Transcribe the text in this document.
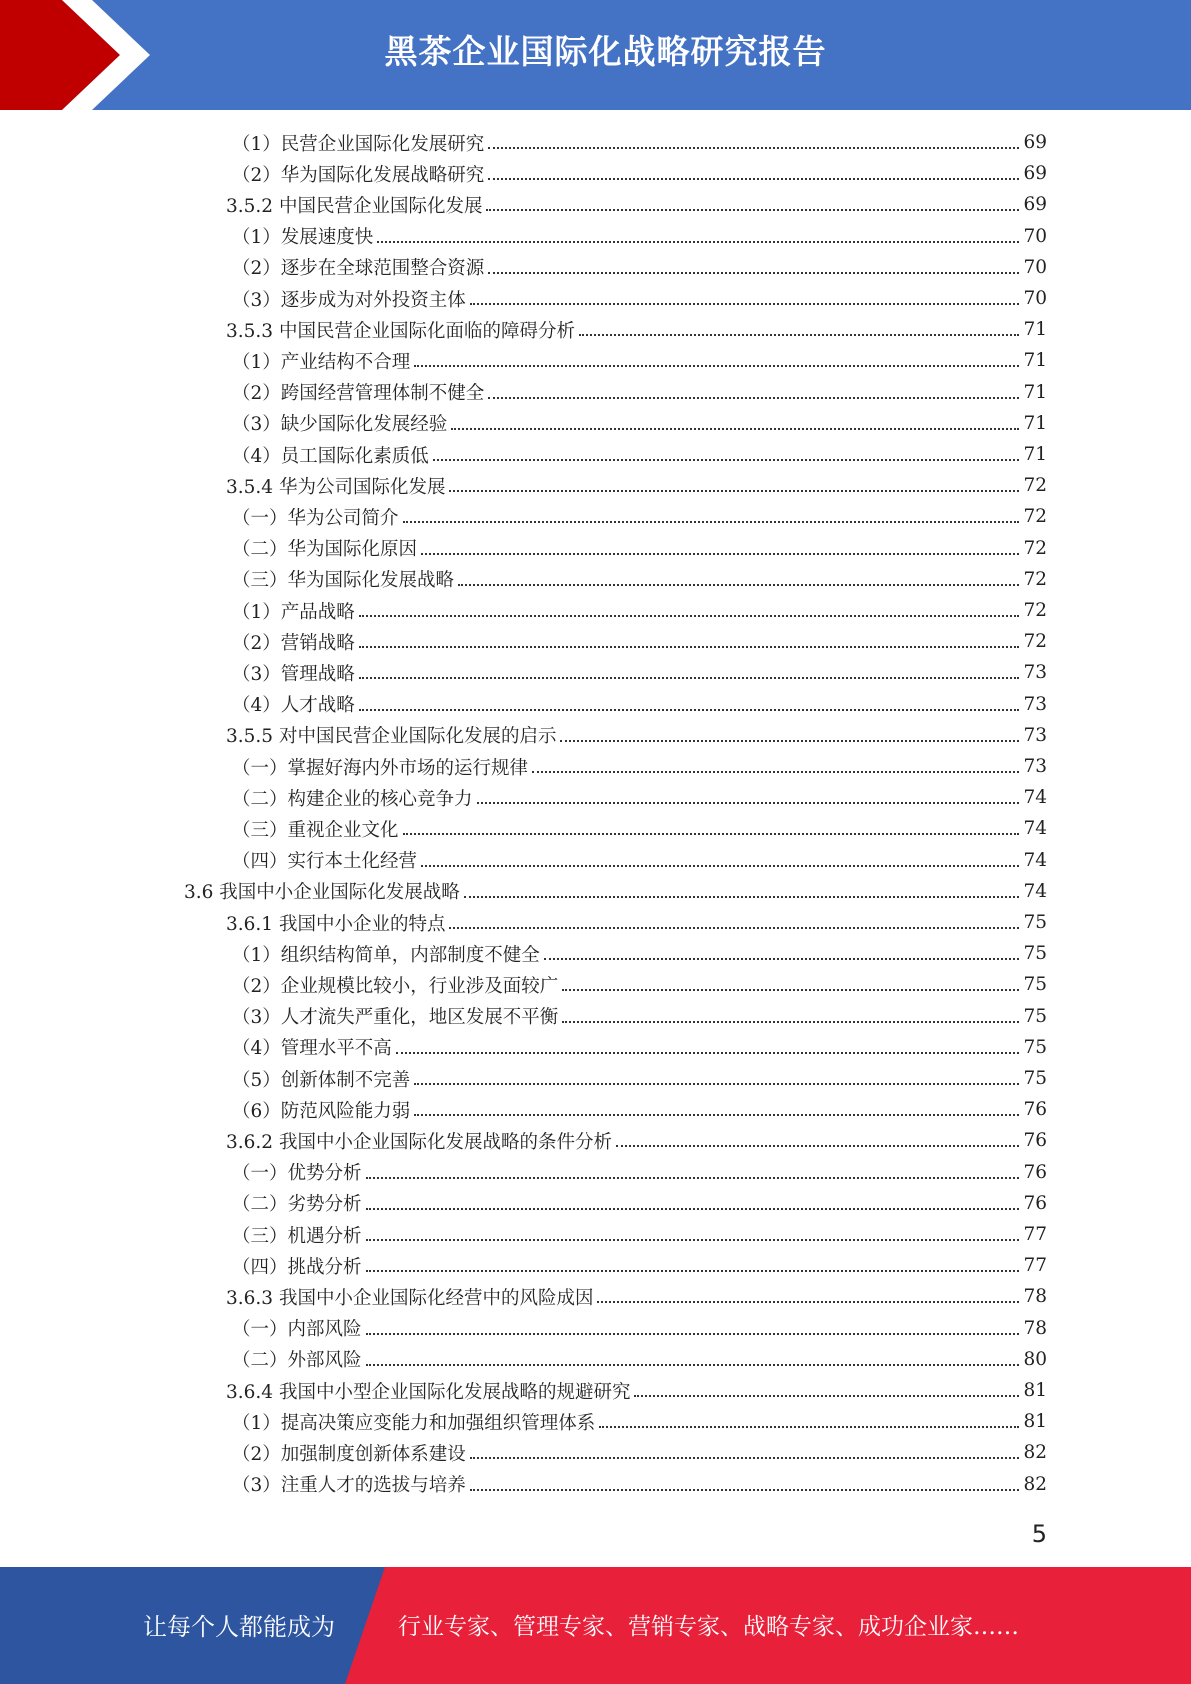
黑茶企业国际化战略研究报告
（1）民营企业国际化发展研究	69
（2）华为国际化发展战略研究	69
3.5.2 中国民营企业国际化发展	69
（1）发展速度快	70
（2）逐步在全球范围整合资源	70
（3）逐步成为对外投资主体	70
3.5.3 中国民营企业国际化面临的障碍分析	71
（1）产业结构不合理	71
（2）跨国经营管理体制不健全	71
（3）缺少国际化发展经验	71
（4）员工国际化素质低	71
3.5.4 华为公司国际化发展	72
（一）华为公司简介	72
（二）华为国际化原因	72
（三）华为国际化发展战略	72
（1）产品战略	72
（2）营销战略	72
（3）管理战略	73
（4）人才战略	73
3.5.5 对中国民营企业国际化发展的启示	73
（一）掌握好海内外市场的运行规律	73
（二）构建企业的核心竞争力	74
（三）重视企业文化	74
（四）实行本土化经营	74
3.6 我国中小企业国际化发展战略	74
3.6.1 我国中小企业的特点	75
（1）组织结构简单，内部制度不健全	75
（2）企业规模比较小，行业涉及面较广	75
（3）人才流失严重化，地区发展不平衡	75
（4）管理水平不高	75
（5）创新体制不完善	75
（6）防范风险能力弱	76
3.6.2 我国中小企业国际化发展战略的条件分析	76
（一）优势分析	76
（二）劣势分析	76
（三）机遇分析	77
（四）挑战分析	77
3.6.3 我国中小企业国际化经营中的风险成因	78
（一）内部风险	78
（二）外部风险	80
3.6.4 我国中小型企业国际化发展战略的规避研究	81
（1）提高决策应变能力和加强组织管理体系	81
（2）加强制度创新体系建设	82
（3）注重人才的选拔与培养	82
5
让每个人都能成为	行业专家、管理专家、营销专家、战略专家、成功企业家……
